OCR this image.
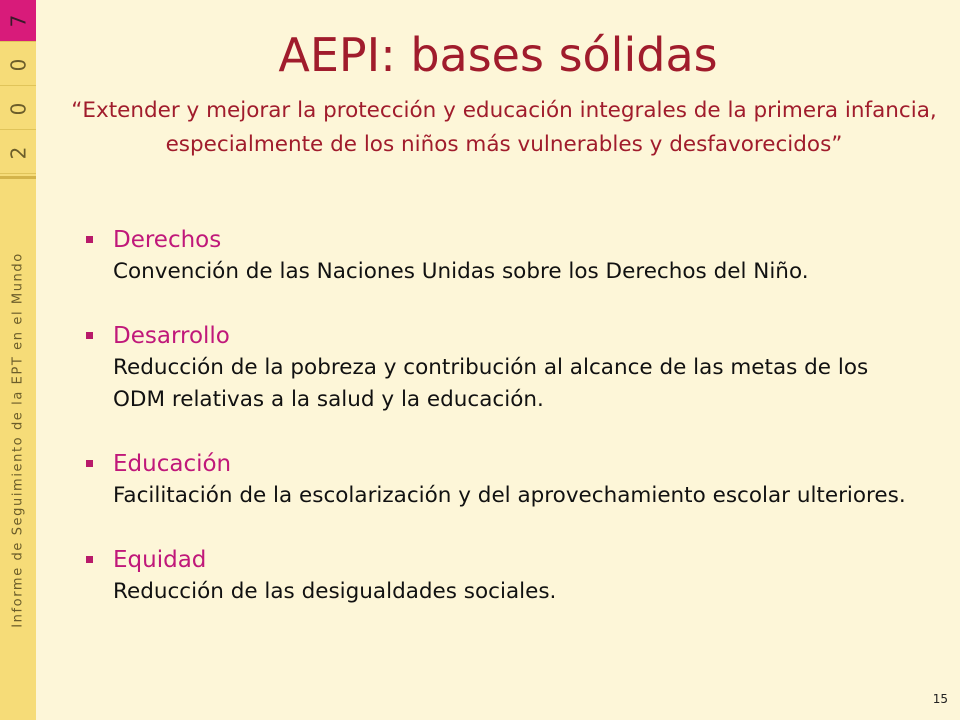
7
0
0
2
Informe de Seguimiento de la EPT en el Mundo
AEPI: bases sólidas

“Extender y mejorar la protección y educación integrales de la primera infancia, especialmente de los niños más vulnerables y desfavorecidos”

Derechos
Convención de las Naciones Unidas sobre los Derechos del Niño.
Desarrollo
Reducción de la pobreza y contribución al alcance de las metas de los ODM relativas a la salud y la educación.
Educación
Facilitación de la escolarización y del aprovechamiento escolar ulteriores.
Equidad
Reducción de las desigualdades sociales.
15
